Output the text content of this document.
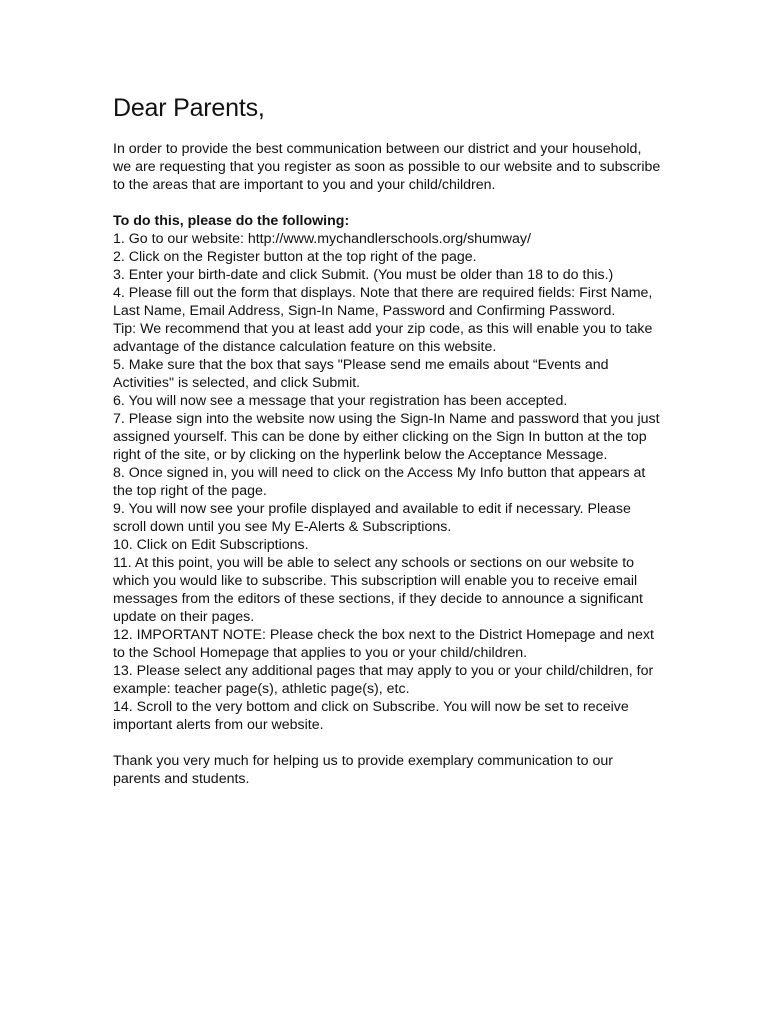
Dear Parents,

In order to provide the best communication between our district and your household, we are requesting that you register as soon as possible to our website and to subscribe to the areas that are important to you and your child/children.

To do this, please do the following:

1. Go to our website: http://www.mychandlerschools.org/shumway/
2. Click on the Register button at the top right of the page.
3. Enter your birth-date and click Submit. (You must be older than 18 to do this.)
4. Please fill out the form that displays. Note that there are required fields: First Name, Last Name, Email Address, Sign-In Name, Password and Confirming Password.
Tip: We recommend that you at least add your zip code, as this will enable you to take advantage of the distance calculation feature on this website.
5. Make sure that the box that says "Please send me emails about “Events and Activities" is selected, and click Submit.
6. You will now see a message that your registration has been accepted.
7. Please sign into the website now using the Sign-In Name and password that you just assigned yourself. This can be done by either clicking on the Sign In button at the top right of the site, or by clicking on the hyperlink below the Acceptance Message.
8. Once signed in, you will need to click on the Access My Info button that appears at the top right of the page.
9. You will now see your profile displayed and available to edit if necessary. Please scroll down until you see My E-Alerts & Subscriptions.
10. Click on Edit Subscriptions.
11. At this point, you will be able to select any schools or sections on our website to which you would like to subscribe. This subscription will enable you to receive email messages from the editors of these sections, if they decide to announce a significant update on their pages.
12. IMPORTANT NOTE: Please check the box next to the District Homepage and next to the School Homepage that applies to you or your child/children.
13. Please select any additional pages that may apply to you or your child/children, for example: teacher page(s), athletic page(s), etc.
14. Scroll to the very bottom and click on Subscribe. You will now be set to receive important alerts from our website.

Thank you very much for helping us to provide exemplary communication to our parents and students.
